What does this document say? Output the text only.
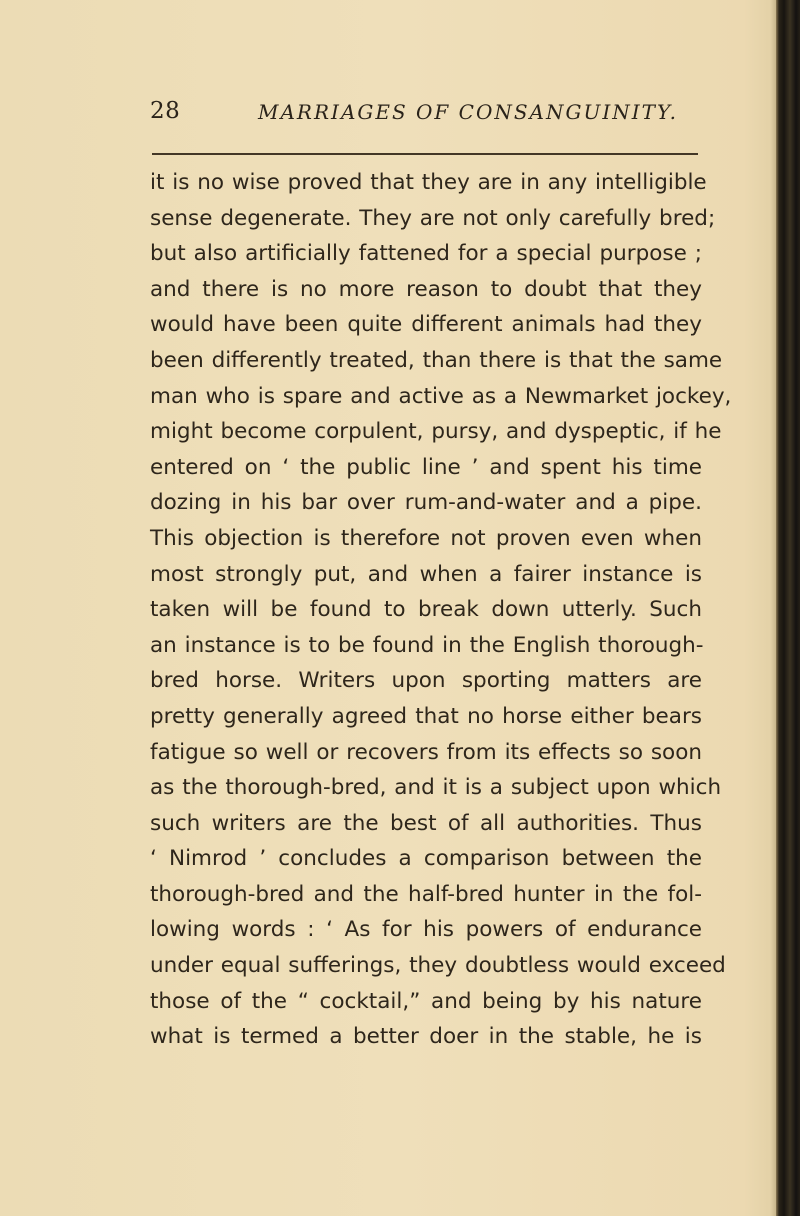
28	MARRIAGES OF CONSANGUINITY.
it is no wise proved that they are in any intelligible
sense degenerate. They are not only carefully bred;
but also artificially fattened for a special purpose ;
and there is no more reason to doubt that they
would have been quite different animals had they
been differently treated, than there is that the same
man who is spare and active as a Newmarket jockey,
might become corpulent, pursy, and dyspeptic, if he
entered on ‘ the public line ’ and spent his time
dozing in his bar over rum-and-water and a pipe.
This objection is therefore not proven even when
most strongly put, and when a fairer instance is
taken will be found to break down utterly. Such
an instance is to be found in the English thorough-
bred horse. Writers upon sporting matters are
pretty generally agreed that no horse either bears
fatigue so well or recovers from its effects so soon
as the thorough-bred, and it is a subject upon which
such writers are the best of all authorities. Thus
‘ Nimrod ’ concludes a comparison between the
thorough-bred and the half-bred hunter in the fol-
lowing words : ‘ As for his powers of endurance
under equal sufferings, they doubtless would exceed
those of the “ cocktail,” and being by his nature
what is termed a better doer in the stable, he is
